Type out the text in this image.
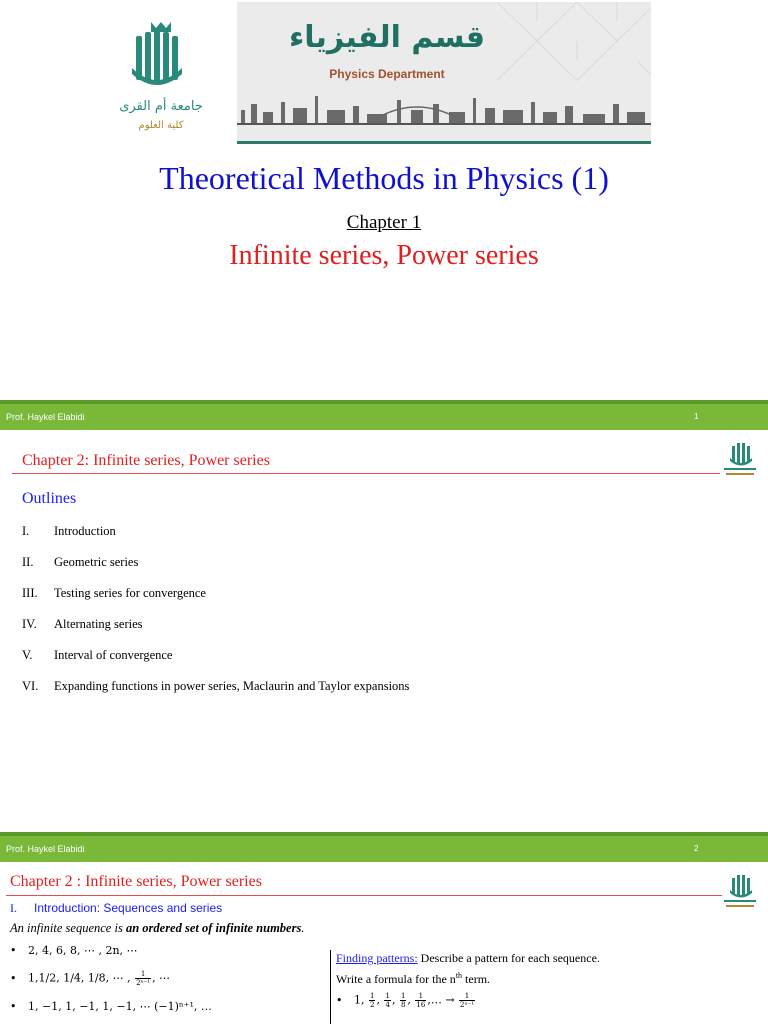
جامعة أم القرى
كلية العلوم
قسم الفيزياء
Physics Department
Theoretical Methods in Physics (1)
Chapter 1
Infinite series, Power series
Prof. Haykel Elabidi	1
Chapter 2: Infinite series, Power series
Outlines
I.	Introduction
II.	Geometric series
III.	Testing series for convergence
IV.	Alternating series
V.	Interval of convergence
VI.	Expanding functions in power series, Maclaurin and Taylor expansions
Prof. Haykel Elabidi	2
Chapter 2 : Infinite series, Power series
I. Introduction: Sequences and series
An infinite sequence is an ordered set of infinite numbers.
• 2, 4, 6, 8, ⋯ , 2n, ⋯
• 1,1/2, 1/4, 1/8, ⋯ , $\frac{1}{\text{2ⁿ⁻¹}}$ , ⋯
• 1, −1, 1, −1, 1, −1, ⋯ (−1)ⁿ⁺¹, …
Finding patterns: Describe a pattern for each sequence.
Write a formula for the $n^{th}$ term.
• 1, $\frac{1}{2}$ , $\frac{1}{4}$ , $\frac{1}{8}$ , $\frac{1}{16}$ ,… → $\frac{1}{\text{2ⁿ⁻¹}}$
